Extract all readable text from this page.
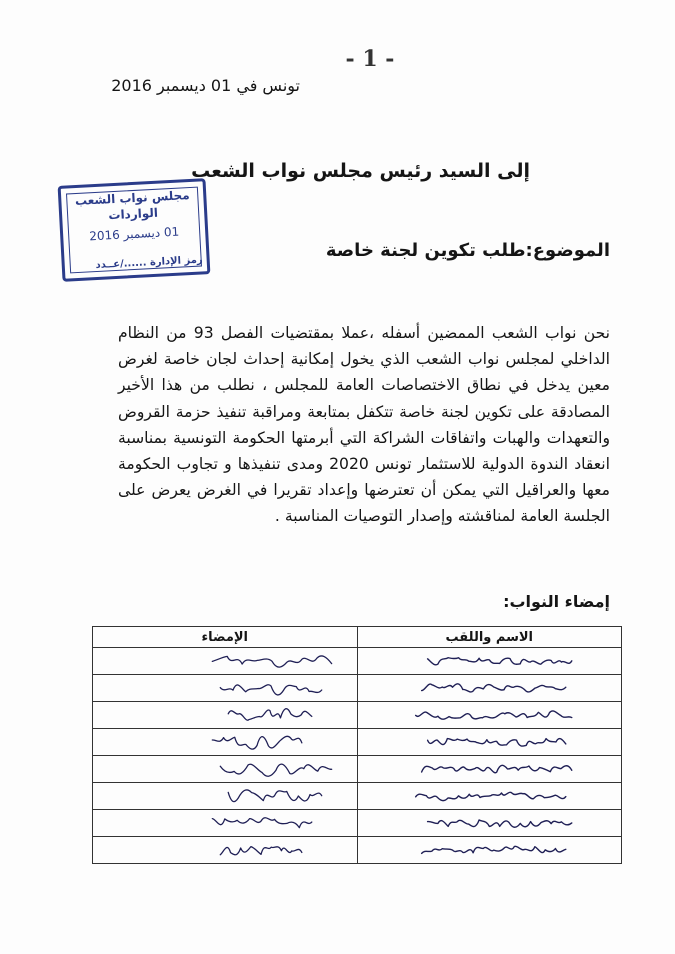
- 1 -
تونس في 01 ديسمبر 2016
إلى السيد رئيس مجلس نواب الشعب
مجلس نواب الشعب
الواردات
01 ديسمبر 2016
رمز الإدارة ....../عــدد
الموضوع:طلب تكوين لجنة خاصة
نحن نواب الشعب الممضين أسفله ،عملا بمقتضيات الفصل 93 من النظام الداخلي لمجلس نواب الشعب الذي يخول إمكانية إحداث لجان خاصة لغرض معين يدخل في نطاق الاختصاصات العامة للمجلس ، نطلب من هذا الأخير المصادقة على تكوين لجنة خاصة تتكفل بمتابعة ومراقبة تنفيذ حزمة القروض والتعهدات والهبات واتفاقات الشراكة التي أبرمتها الحكومة التونسية بمناسبة انعقاد الندوة الدولية للاستثمار تونس 2020 ومدى تنفيذها و تجاوب الحكومة معها والعراقيل التي يمكن أن تعترضها وإعداد تقريرا في الغرض يعرض على الجلسة العامة لمناقشته وإصدار التوصيات المناسبة .
إمضاء النواب:
الاسم واللقب	الإمضاء
